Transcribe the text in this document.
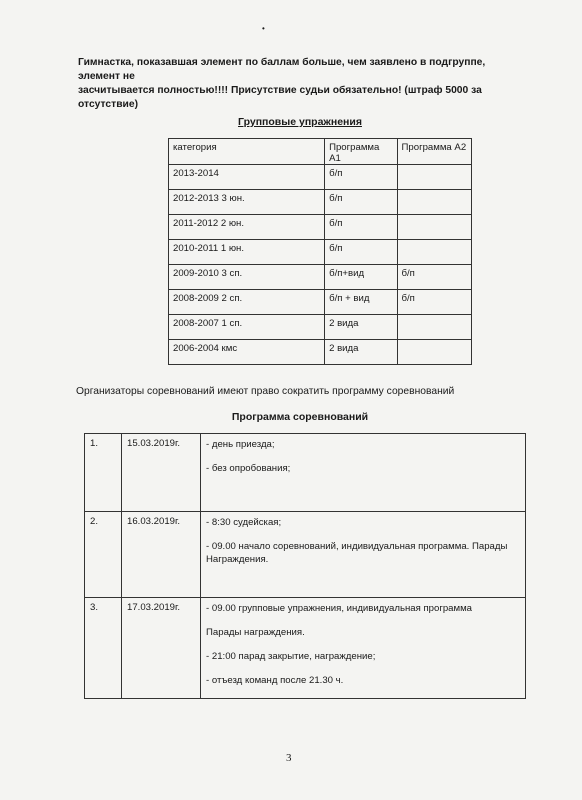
•
Гимнастка, показавшая элемент по баллам больше, чем заявлено в подгруппе, элемент не
засчитывается полностью!!!! Присутствие судьи обязательно! (штраф 5000 за отсутствие)
Групповые упражнения
категория	Программа А1	Программа А2
2013-2014	б/п	
2012-2013 3 юн.	б/п	
2011-2012 2 юн.	б/п	
2010-2011 1 юн.	б/п	
2009-2010 3 сп.	б/п+вид	б/п
2008-2009 2 сп.	б/п + вид	б/п
2008-2007 1 сп.	2 вида	
2006-2004 кмс	2 вида	
Организаторы соревнований имеют право сократить программу соревнований
Программа соревнований
1.	15.03.2019г.	- день приезда;
- без опробования;

2.	16.03.2019г.	- 8:30 судейская;
- 09.00 начало соревнований, индивидуальная программа. Парады Награждения.

3.	17.03.2019г.	- 09.00 групповые упражнения, индивидуальная программа
Парады награждения.
- 21:00 парад закрытие, награждение;
- отъезд команд после 21.30 ч.
3
